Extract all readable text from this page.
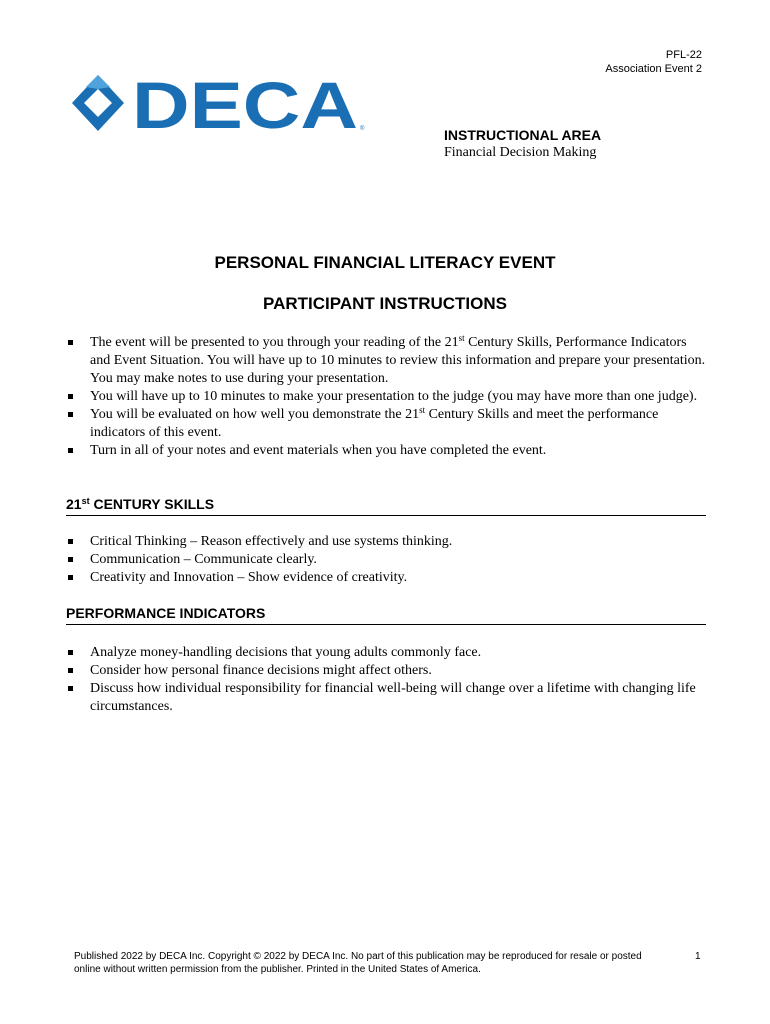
PFL-22
Association Event 2
DECA ®	INSTRUCTIONAL AREA
Financial Decision Making
PERSONAL FINANCIAL LITERACY EVENT
PARTICIPANT INSTRUCTIONS
The event will be presented to you through your reading of the 21st Century Skills, Performance Indicators and Event Situation. You will have up to 10 minutes to review this information and prepare your presentation. You may make notes to use during your presentation.
You will have up to 10 minutes to make your presentation to the judge (you may have more than one judge).
You will be evaluated on how well you demonstrate the 21st Century Skills and meet the performance indicators of this event.
Turn in all of your notes and event materials when you have completed the event.
21st CENTURY SKILLS
Critical Thinking – Reason effectively and use systems thinking.
Communication – Communicate clearly.
Creativity and Innovation – Show evidence of creativity.
PERFORMANCE INDICATORS
Analyze money-handling decisions that young adults commonly face.
Consider how personal finance decisions might affect others.
Discuss how individual responsibility for financial well-being will change over a lifetime with changing life circumstances.
Published 2022 by DECA Inc. Copyright © 2022 by DECA Inc. No part of this publication may be reproduced for resale or posted online without written permission from the publisher. Printed in the United States of America.
1
